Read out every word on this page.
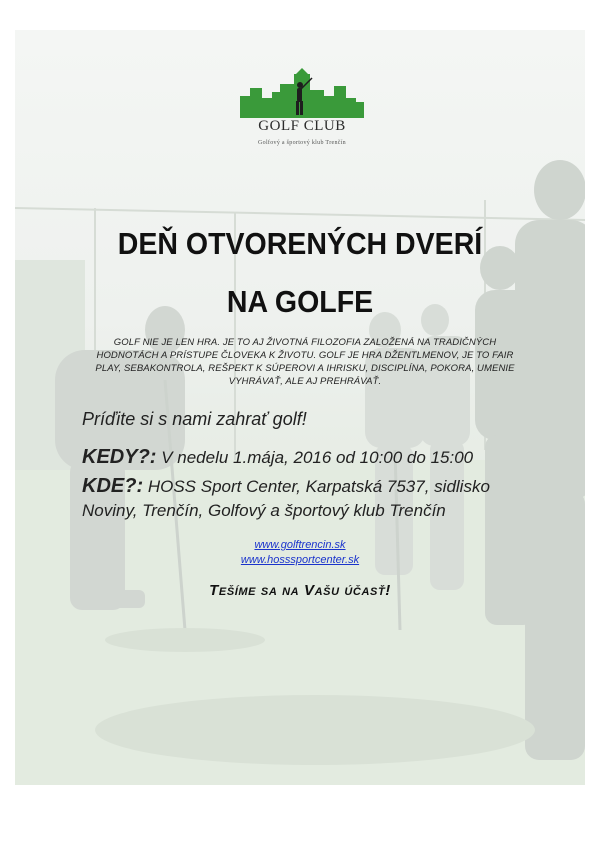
GOLF CLUB
Golfový a športový klub Trenčín
DEŇ OTVORENÝCH DVERÍ
NA GOLFE
GOLF NIE JE LEN HRA. JE TO AJ ŽIVOTNÁ FILOZOFIA ZALOŽENÁ NA TRADIČNÝCH HODNOTÁCH A PRÍSTUPE ČLOVEKA K ŽIVOTU. GOLF JE HRA DŽENTLMENOV, JE TO FAIR PLAY, SEBAKONTROLA, REŠPEKT K SÚPEROVI A IHRISKU, DISCIPLÍNA, POKORA, UMENIE VYHRÁVAŤ, ALE AJ PREHRÁVAŤ.
Príďite si s nami zahrať golf!
KEDY?: V nedelu 1.mája, 2016 od 10:00 do 15:00
KDE?: HOSS Sport Center, Karpatská 7537, sidlisko Noviny, Trenčín, Golfový a športový klub Trenčín
www.golftrencin.sk
www.hosssportcenter.sk
Tešíme sa na Vašu účasť!
